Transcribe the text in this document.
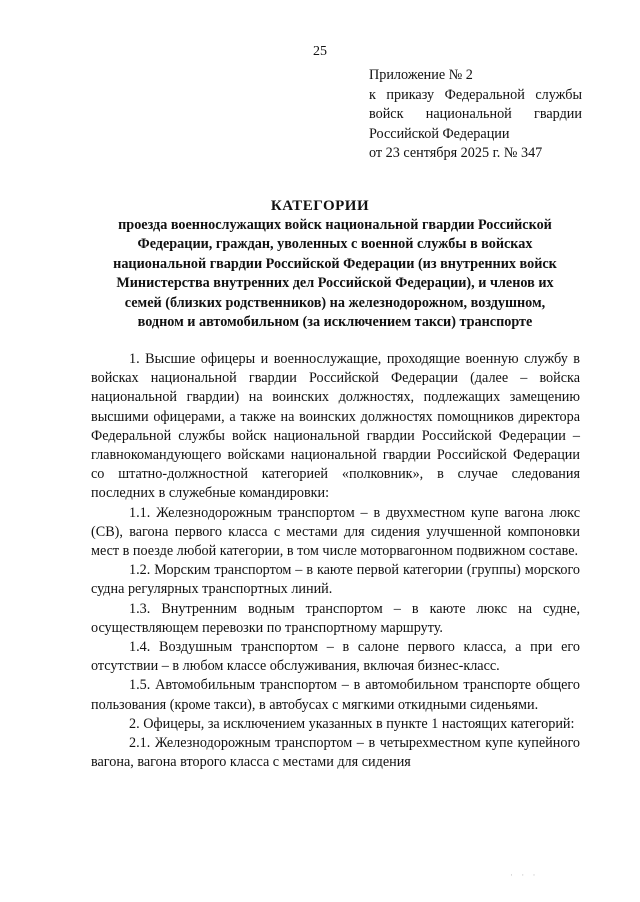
25
Приложение № 2
к приказу Федеральной службы
войск национальной гвардии
Российской Федерации
от 23 сентября 2025 г. № 347
КАТЕГОРИИ
проезда военнослужащих войск национальной гвардии Российской
Федерации, граждан, уволенных с военной службы в войсках
национальной гвардии Российской Федерации (из внутренних войск
Министерства внутренних дел Российской Федерации), и членов их
семей (близких родственников) на железнодорожном, воздушном,
водном и автомобильном (за исключением такси) транспорте

1. Высшие офицеры и военнослужащие, проходящие военную службу в войсках национальной гвардии Российской Федерации (далее – войска национальной гвардии) на воинских должностях, подлежащих замещению высшими офицерами, а также на воинских должностях помощников директора Федеральной службы войск национальной гвардии Российской Федерации – главнокомандующего войсками национальной гвардии Российской Федерации со штатно-должностной категорией «полковник», в случае следования последних в служебные командировки:

1.1. Железнодорожным транспортом – в двухместном купе вагона люкс (СВ), вагона первого класса с местами для сидения улучшенной компоновки мест в поезде любой категории, в том числе моторвагонном подвижном составе.

1.2. Морским транспортом – в каюте первой категории (группы) морского судна регулярных транспортных линий.

1.3. Внутренним водным транспортом – в каюте люкс на судне, осуществляющем перевозки по транспортному маршруту.

1.4. Воздушным транспортом – в салоне первого класса, а при его отсутствии – в любом классе обслуживания, включая бизнес-класс.

1.5. Автомобильным транспортом – в автомобильном транспорте общего пользования (кроме такси), в автобусах с мягкими откидными сиденьями.

2. Офицеры, за исключением указанных в пункте 1 настоящих категорий:

2.1. Железнодорожным транспортом – в четырехместном купе купейного вагона, вагона второго класса с местами для сидения

· · ·
